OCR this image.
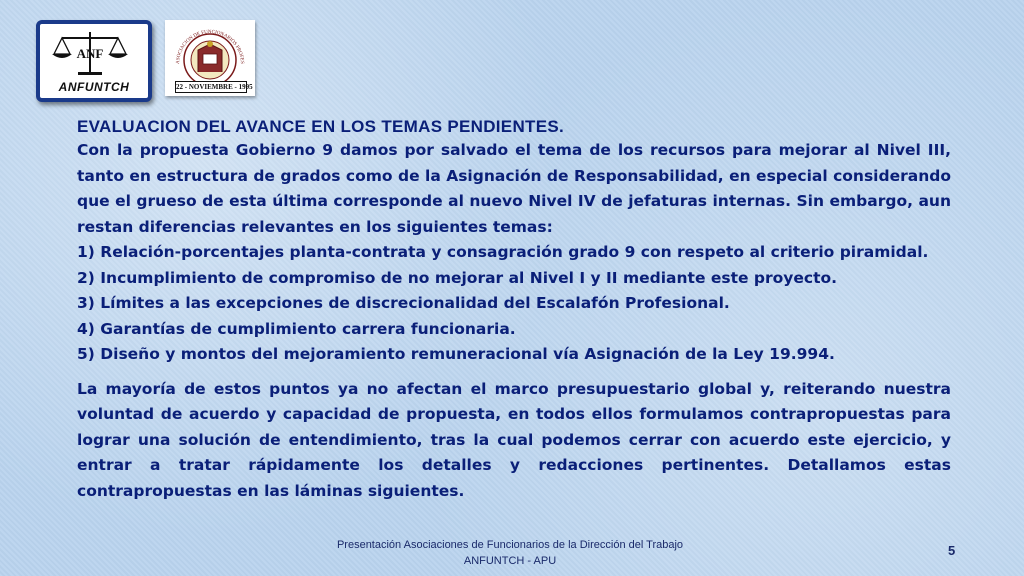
ANF
ANFUNTCH
ASOCIACION DE FUNCIONARIOS PROFES
22 - NOVIEMBRE - 1995
EVALUACION DEL AVANCE EN LOS TEMAS PENDIENTES.

Con la propuesta Gobierno 9 damos por salvado el tema de los recursos para mejorar al Nivel III, tanto en estructura de grados como de la Asignación de Responsabilidad, en especial considerando que el grueso de esta última corresponde al nuevo Nivel IV de jefaturas internas. Sin embargo, aun restan diferencias relevantes en los siguientes temas:

1) Relación-porcentajes planta-contrata y consagración grado 9 con respeto al criterio piramidal.
2) Incumplimiento de compromiso de no mejorar al Nivel I y II mediante este proyecto.
3) Límites a las excepciones de discrecionalidad del Escalafón Profesional.
4) Garantías de cumplimiento carrera funcionaria.
5) Diseño y montos del mejoramiento remuneracional vía Asignación de la Ley 19.994.

La mayoría de estos puntos ya no afectan el marco presupuestario global y, reiterando nuestra voluntad de acuerdo y capacidad de propuesta, en todos ellos formulamos contrapropuestas para lograr una solución de entendimiento, tras la cual podemos cerrar con acuerdo este ejercicio, y entrar a tratar rápidamente los detalles y redacciones pertinentes. Detallamos estas contrapropuestas en las láminas siguientes.

Presentación Asociaciones de Funcionarios de la Dirección del Trabajo
ANFUNTCH - APU
5
